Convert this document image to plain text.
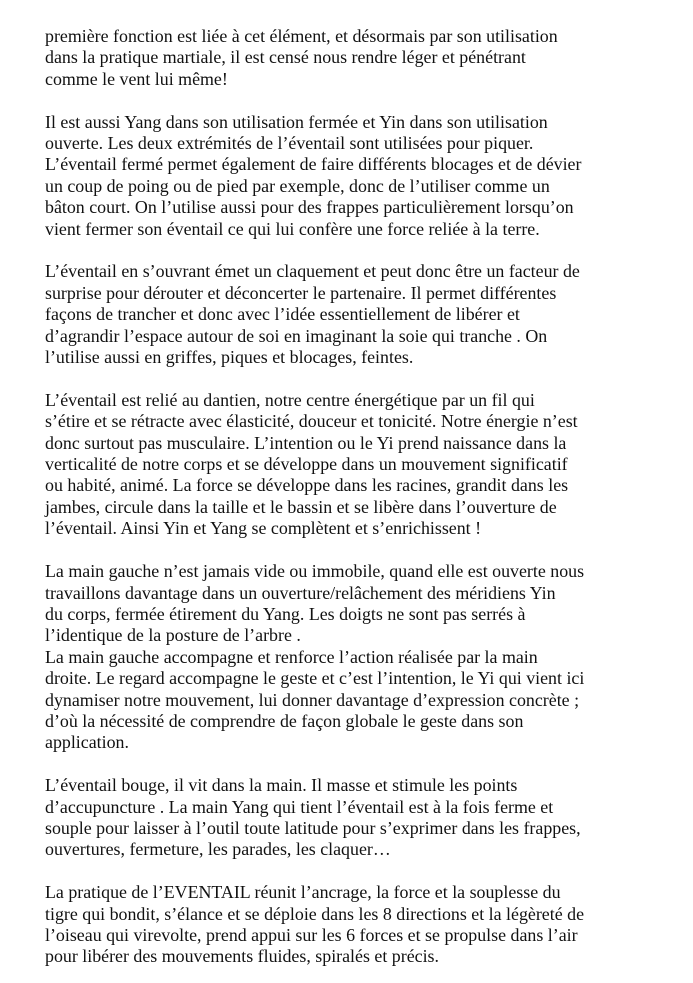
première fonction est liée à cet élément, et désormais par son utilisation
dans la pratique martiale, il est censé nous rendre léger et pénétrant
comme le vent lui même!

Il est aussi Yang dans son utilisation fermée et Yin dans son utilisation
ouverte. Les deux extrémités de l’éventail sont utilisées pour piquer.
L’éventail fermé permet également de faire différents blocages et de dévier
un coup de poing ou de pied par exemple, donc de l’utiliser comme un
bâton court. On l’utilise aussi pour des frappes particulièrement lorsqu’on
vient fermer son éventail ce qui lui confère une force reliée à la terre.

L’éventail en s’ouvrant émet un claquement et peut donc être un facteur de
surprise pour dérouter et déconcerter le partenaire. Il permet différentes
façons de trancher et donc avec l’idée essentiellement de libérer et
d’agrandir l’espace autour de soi en imaginant la soie qui tranche . On
l’utilise aussi en griffes, piques et blocages, feintes.

L’éventail est relié au dantien, notre centre énergétique par un fil qui
s’étire et se rétracte avec élasticité, douceur et tonicité. Notre énergie n’est
donc surtout pas musculaire. L’intention ou le Yi prend naissance dans la
verticalité de notre corps et se développe dans un mouvement significatif
ou habité, animé. La force se développe dans les racines, grandit dans les
jambes, circule dans la taille et le bassin et se libère dans l’ouverture de
l’éventail. Ainsi Yin et Yang se complètent et s’enrichissent !

La main gauche n’est jamais vide ou immobile, quand elle est ouverte nous
travaillons davantage dans un ouverture/relâchement des méridiens Yin
du corps, fermée étirement du Yang. Les doigts ne sont pas serrés à
l’identique de la posture de l’arbre .
La main gauche accompagne et renforce l’action réalisée par la main
droite. Le regard accompagne le geste et c’est l’intention, le Yi qui vient ici
dynamiser notre mouvement, lui donner davantage d’expression concrète ;
d’où la nécessité de comprendre de façon globale le geste dans son
application.

L’éventail bouge, il vit dans la main. Il masse et stimule les points
d’accupuncture . La main Yang qui tient l’éventail est à la fois ferme et
souple pour laisser à l’outil toute latitude pour s’exprimer dans les frappes,
ouvertures, fermeture, les parades, les claquer…

La pratique de l’EVENTAIL réunit l’ancrage, la force et la souplesse du
tigre qui bondit, s’élance et se déploie dans les 8 directions et la légèreté de
l’oiseau qui virevolte, prend appui sur les 6 forces et se propulse dans l’air
pour libérer des mouvements fluides, spiralés et précis.
